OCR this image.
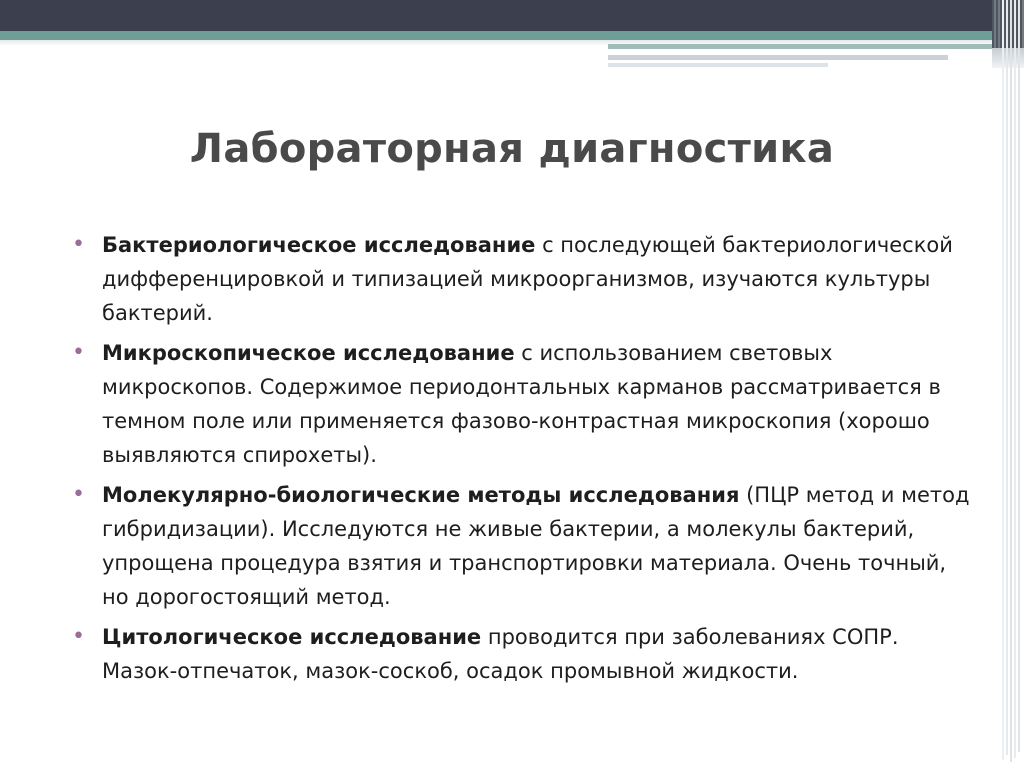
Лабораторная диагностика
• Бактериологическое исследование с последующей бактериологической дифференцировкой и типизацией микроорганизмов, изучаются культуры бактерий.
• Микроскопическое исследование с использованием световых микроскопов. Содержимое периодонтальных карманов рассматривается в темном поле или применяется фазово-контрастная микроскопия (хорошо выявляются спирохеты).
• Молекулярно-биологические методы исследования (ПЦР метод и метод гибридизации). Исследуются не живые бактерии, а молекулы бактерий, упрощена процедура взятия и транспортировки материала. Очень точный, но дорогостоящий метод.
• Цитологическое исследование проводится при заболеваниях СОПР. Мазок-отпечаток, мазок-соскоб, осадок промывной жидкости.
